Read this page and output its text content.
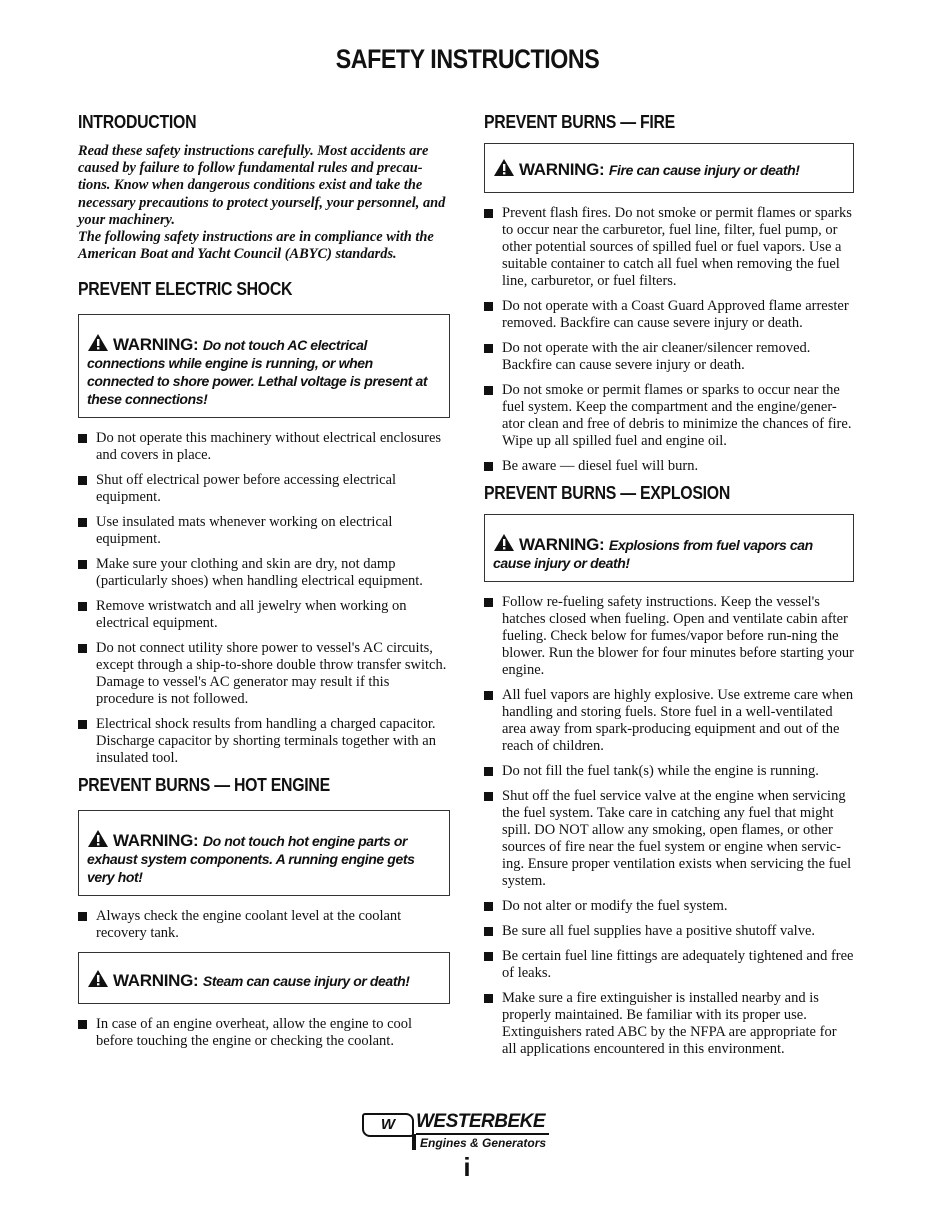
SAFETY INSTRUCTIONS
INTRODUCTION

Read these safety instructions carefully. Most accidents are caused by failure to follow fundamental rules and precau-tions. Know when dangerous conditions exist and take the necessary precautions to protect yourself, your personnel, and your machinery.

The following safety instructions are in compliance with the American Boat and Yacht Council (ABYC) standards.

PREVENT ELECTRIC SHOCK
WARNING: Do not touch AC electrical connections while engine is running, or when connected to shore power. Lethal voltage is present at these connections!
Do not operate this machinery without electrical enclosures and covers in place.
Shut off electrical power before accessing electrical equipment.
Use insulated mats whenever working on electrical equipment.
Make sure your clothing and skin are dry, not damp (particularly shoes) when handling electrical equipment.
Remove wristwatch and all jewelry when working on electrical equipment.
Do not connect utility shore power to vessel's AC circuits, except through a ship-to-shore double throw transfer switch. Damage to vessel's AC generator may result if this procedure is not followed.
Electrical shock results from handling a charged capacitor. Discharge capacitor by shorting terminals together with an insulated tool.
PREVENT BURNS — HOT ENGINE
WARNING: Do not touch hot engine parts or exhaust system components. A running engine gets very hot!
Always check the engine coolant level at the coolant recovery tank.
WARNING: Steam can cause injury or death!
In case of an engine overheat, allow the engine to cool before touching the engine or checking the coolant.
PREVENT BURNS — FIRE
WARNING: Fire can cause injury or death!
Prevent flash fires. Do not smoke or permit flames or sparks to occur near the carburetor, fuel line, filter, fuel pump, or other potential sources of spilled fuel or fuel vapors. Use a suitable container to catch all fuel when removing the fuel line, carburetor, or fuel filters.
Do not operate with a Coast Guard Approved flame arrester removed. Backfire can cause severe injury or death.
Do not operate with the air cleaner/silencer removed. Backfire can cause severe injury or death.
Do not smoke or permit flames or sparks to occur near the fuel system. Keep the compartment and the engine/gener-ator clean and free of debris to minimize the chances of fire. Wipe up all spilled fuel and engine oil.
Be aware — diesel fuel will burn.
PREVENT BURNS — EXPLOSION
WARNING: Explosions from fuel vapors can cause injury or death!
Follow re-fueling safety instructions. Keep the vessel's hatches closed when fueling. Open and ventilate cabin after fueling. Check below for fumes/vapor before run-ning the blower. Run the blower for four minutes before starting your engine.
All fuel vapors are highly explosive. Use extreme care when handling and storing fuels. Store fuel in a well-ventilated area away from spark-producing equipment and out of the reach of children.
Do not fill the fuel tank(s) while the engine is running.
Shut off the fuel service valve at the engine when servicing the fuel system. Take care in catching any fuel that might spill. DO NOT allow any smoking, open flames, or other sources of fire near the fuel system or engine when servic-ing. Ensure proper ventilation exists when servicing the fuel system.
Do not alter or modify the fuel system.
Be sure all fuel supplies have a positive shutoff valve.
Be certain fuel line fittings are adequately tightened and free of leaks.
Make sure a fire extinguisher is installed nearby and is properly maintained. Be familiar with its proper use. Extinguishers rated ABC by the NFPA are appropriate for all applications encountered in this environment.
W	WESTERBEKE
Engines & Generators
i
